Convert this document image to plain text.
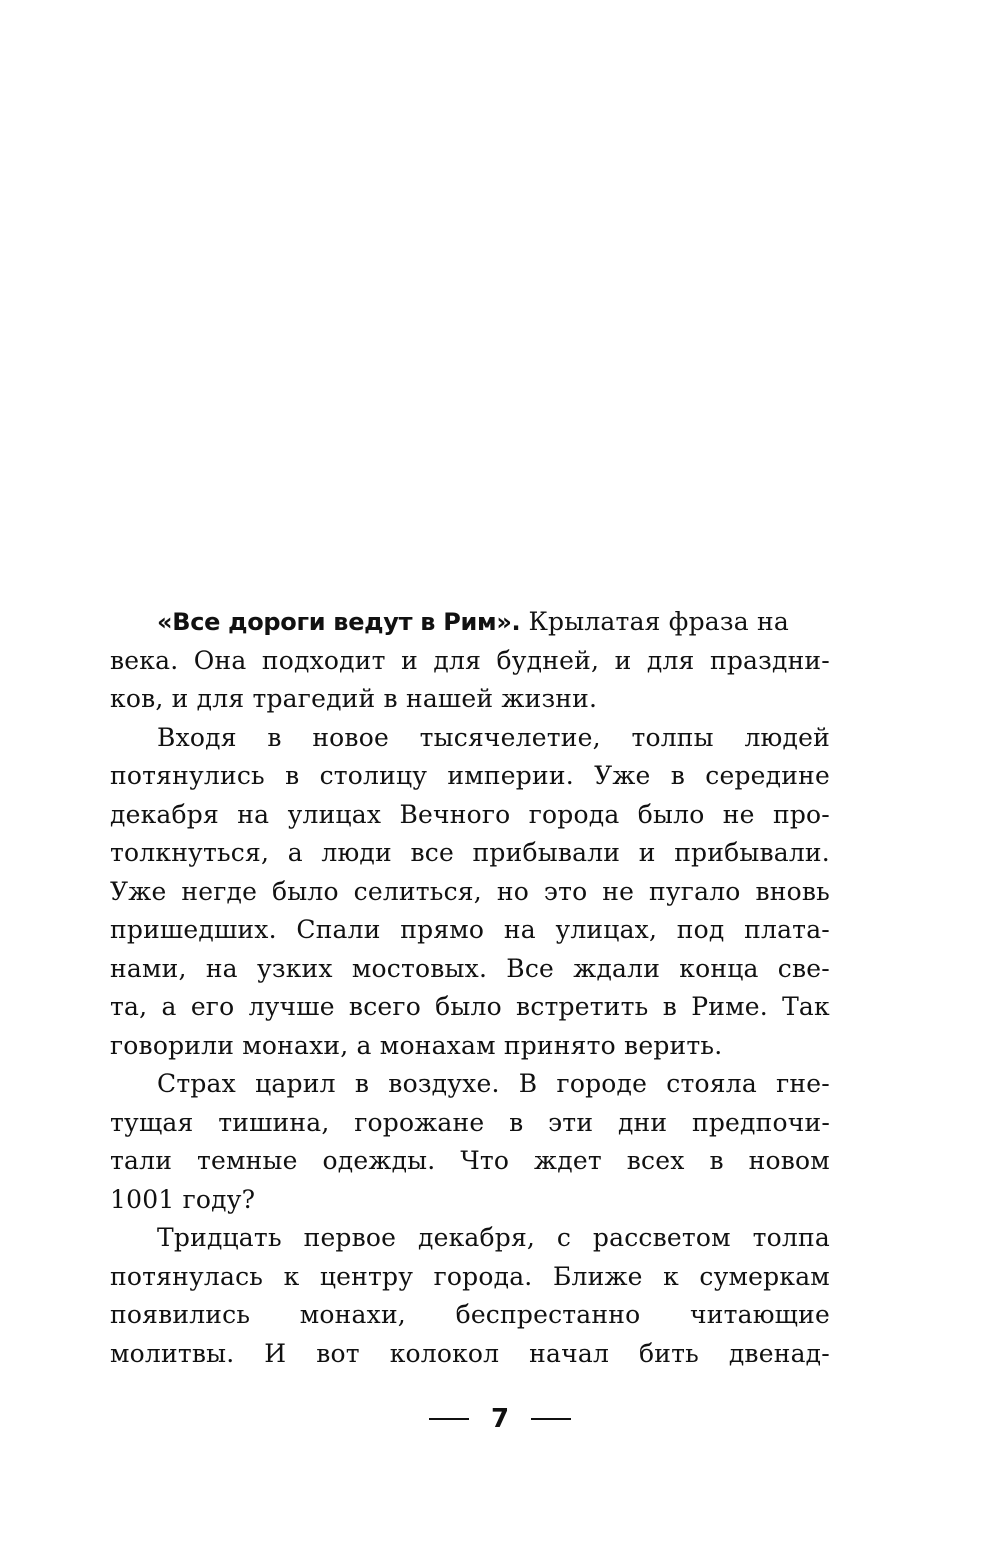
«Все дороги ведут в Рим». Крылатая фраза на
века. Она подходит и для будней, и для праздни-
ков, и для трагедий в нашей жизни.
Входя в новое тысячелетие, толпы людей
потянулись в столицу империи. Уже в середине
декабря на улицах Вечного города было не про-
толкнуться, а люди все прибывали и прибывали.
Уже негде было селиться, но это не пугало вновь
пришедших. Спали прямо на улицах, под плата-
нами, на узких мостовых. Все ждали конца све-
та, а его лучше всего было встретить в Риме. Так
говорили монахи, а монахам принято верить.
Страх царил в воздухе. В городе стояла гне-
тущая тишина, горожане в эти дни предпочи-
тали темные одежды. Что ждет всех в новом
1001 году?
Тридцать первое декабря, с рассветом толпа
потянулась к центру города. Ближе к сумеркам
появились монахи, беспрестанно читающие
молитвы. И вот колокол начал бить двенад-
7
